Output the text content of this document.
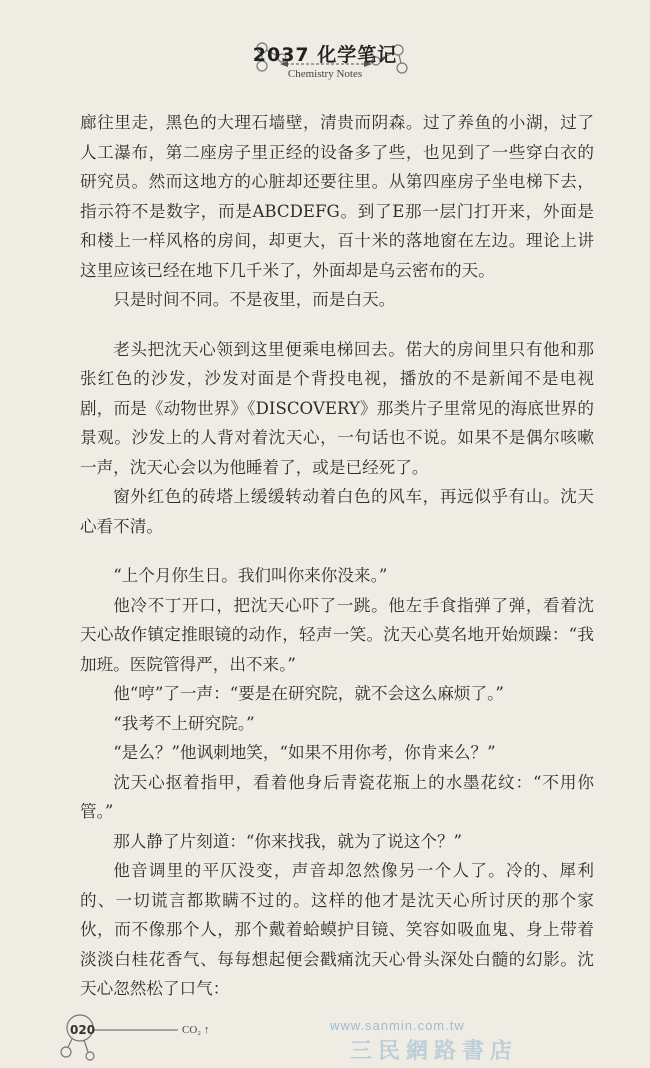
2037 化学笔记
Chemistry Notes

廊往里走，黑色的大理石墙壁，清贵而阴森。过了养鱼的小湖，过了人工瀑布，第二座房子里正经的设备多了些，也见到了一些穿白衣的研究员。然而这地方的心脏却还要往里。从第四座房子坐电梯下去，指示符不是数字，而是ABCDEFG。到了E那一层门打开来，外面是和楼上一样风格的房间，却更大，百十米的落地窗在左边。理论上讲这里应该已经在地下几千米了，外面却是乌云密布的天。

只是时间不同。不是夜里，而是白天。

老头把沈天心领到这里便乘电梯回去。偌大的房间里只有他和那张红色的沙发，沙发对面是个背投电视，播放的不是新闻不是电视剧，而是《动物世界》《DISCOVERY》那类片子里常见的海底世界的景观。沙发上的人背对着沈天心，一句话也不说。如果不是偶尔咳嗽一声，沈天心会以为他睡着了，或是已经死了。

窗外红色的砖塔上缓缓转动着白色的风车，再远似乎有山。沈天心看不清。

“上个月你生日。我们叫你来你没来。”

他冷不丁开口，把沈天心吓了一跳。他左手食指弹了弹，看着沈天心故作镇定推眼镜的动作，轻声一笑。沈天心莫名地开始烦躁：“我加班。医院管得严，出不来。”

他“哼”了一声：“要是在研究院，就不会这么麻烦了。”

“我考不上研究院。”

“是么？”他讽刺地笑，“如果不用你考，你肯来么？”

沈天心抠着指甲，看着他身后青瓷花瓶上的水墨花纹：“不用你管。”

那人静了片刻道：“你来找我，就为了说这个？”

他音调里的平仄没变，声音却忽然像另一个人了。冷的、犀利的、一切谎言都欺瞒不过的。这样的他才是沈天心所讨厌的那个家伙，而不像那个人，那个戴着蛤蟆护目镜、笑容如吸血鬼、身上带着淡淡白桂花香气、每每想起便会戳痛沈天心骨头深处白髓的幻影。沈天心忽然松了口气：

020	CO₂ ↑	www.sanmin.com.tw
三民網路書店
